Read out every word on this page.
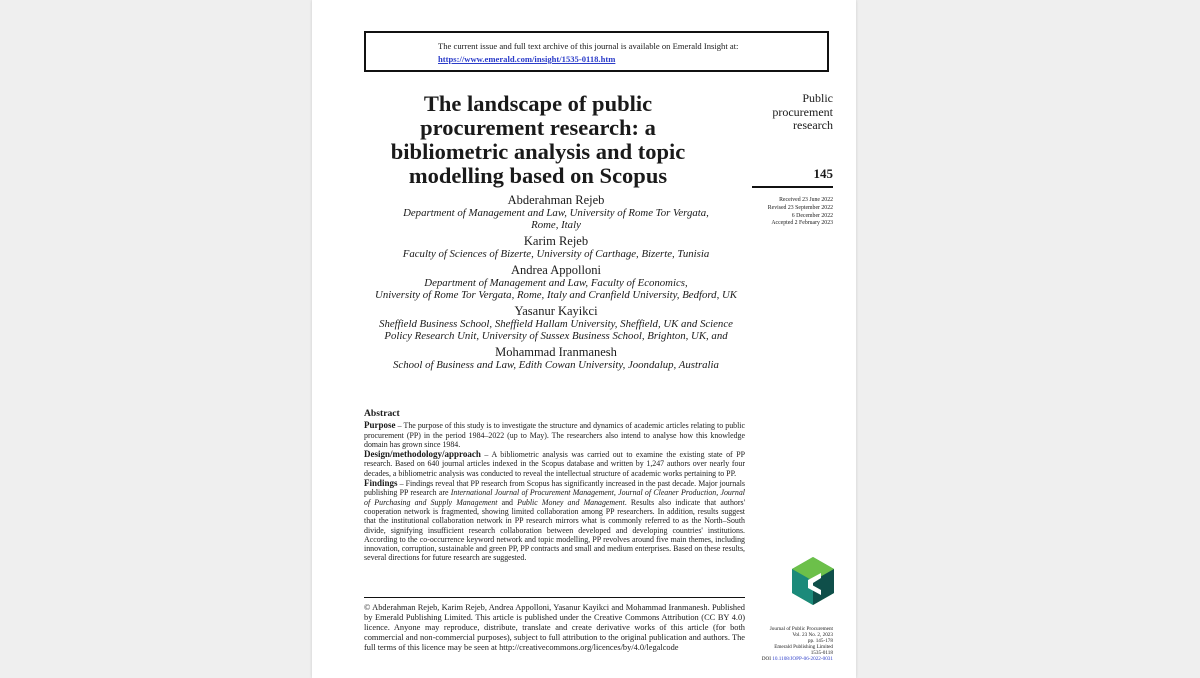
The current issue and full text archive of this journal is available on Emerald Insight at:
https://www.emerald.com/insight/1535-0118.htm
The landscape of public
procurement research: a
bibliometric analysis and topic
modelling based on Scopus
Public
procurement
research
145
Received 23 June 2022
Revised 23 September 2022
6 December 2022
Accepted 2 February 2023
Abderahman Rejeb
Department of Management and Law, University of Rome Tor Vergata,
Rome, Italy
Karim Rejeb
Faculty of Sciences of Bizerte, University of Carthage, Bizerte, Tunisia
Andrea Appolloni
Department of Management and Law, Faculty of Economics,
University of Rome Tor Vergata, Rome, Italy and Cranfield University, Bedford, UK
Yasanur Kayikci
Sheffield Business School, Sheffield Hallam University, Sheffield, UK and Science
Policy Research Unit, University of Sussex Business School, Brighton, UK, and
Mohammad Iranmanesh
School of Business and Law, Edith Cowan University, Joondalup, Australia
Abstract
Purpose – The purpose of this study is to investigate the structure and dynamics of academic articles relating to public procurement (PP) in the period 1984–2022 (up to May). The researchers also intend to analyse how this knowledge domain has grown since 1984.
Design/methodology/approach – A bibliometric analysis was carried out to examine the existing state of PP research. Based on 640 journal articles indexed in the Scopus database and written by 1,247 authors over nearly four decades, a bibliometric analysis was conducted to reveal the intellectual structure of academic works pertaining to PP.
Findings – Findings reveal that PP research from Scopus has significantly increased in the past decade. Major journals publishing PP research are International Journal of Procurement Management, Journal of Cleaner Production, Journal of Purchasing and Supply Management and Public Money and Management. Results also indicate that authors' cooperation network is fragmented, showing limited collaboration among PP researchers. In addition, results suggest that the institutional collaboration network in PP research mirrors what is commonly referred to as the North–South divide, signifying insufficient research collaboration between developed and developing countries' institutions. According to the co-occurrence keyword network and topic modelling, PP revolves around five main themes, including innovation, corruption, sustainable and green PP, PP contracts and small and medium enterprises. Based on these results, several directions for future research are suggested.
© Abderahman Rejeb, Karim Rejeb, Andrea Appolloni, Yasanur Kayikci and Mohammad Iranmanesh. Published by Emerald Publishing Limited. This article is published under the Creative Commons Attribution (CC BY 4.0) licence. Anyone may reproduce, distribute, translate and create derivative works of this article (for both commercial and non-commercial purposes), subject to full attribution to the original publication and authors. The full terms of this licence may be seen at http://creativecommons.org/licences/by/4.0/legalcode
Journal of Public Procurement
Vol. 23 No. 2, 2023
pp. 145-178
Emerald Publishing Limited
1535-0118
DOI 10.1108/JOPP-06-2022-0031
